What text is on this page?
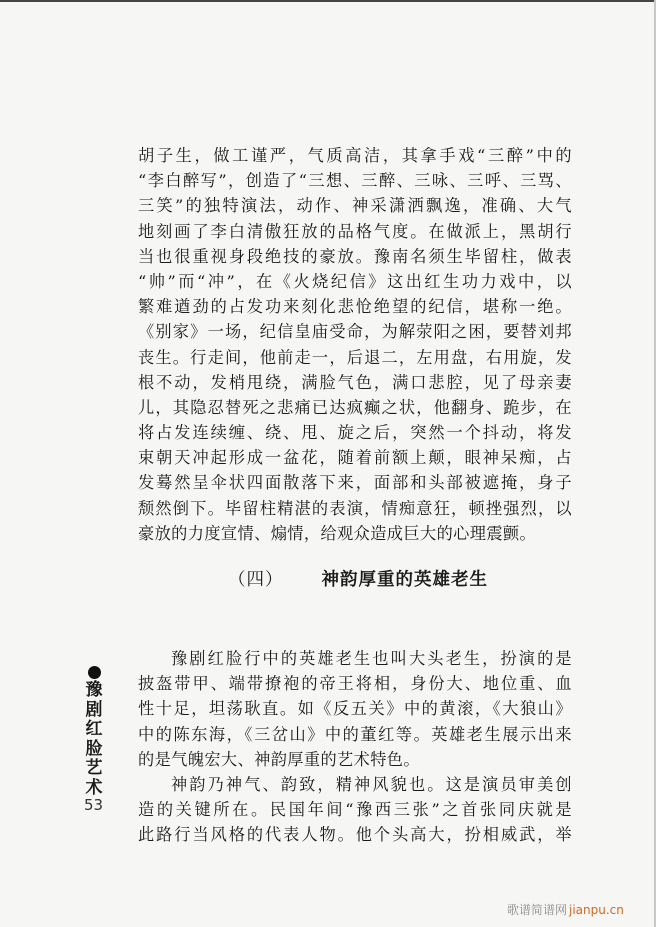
胡子生，做工谨严，气质高洁，其拿手戏“三醉”中的
“李白醉写”，创造了“三想、三醉、三咏、三呼、三骂、
三笑”的独特演法，动作、神采潇洒飘逸，准确、大气
地刻画了李白清傲狂放的品格气度。在做派上，黑胡行
当也很重视身段绝技的豪放。豫南名须生毕留柱，做表
“帅”而“冲”，在《火烧纪信》这出红生功力戏中，以
繁难遒劲的占发功来刻化悲怆绝望的纪信，堪称一绝。
《别家》一场，纪信皇庙受命，为解荥阳之困，要替刘邦
丧生。行走间，他前走一，后退二，左用盘，右用旋，发
根不动，发梢甩绕，满脸气色，满口悲腔，见了母亲妻
儿，其隐忍替死之悲痛已达疯癫之状，他翻身、跪步，在
将占发连续缠、绕、甩、旋之后，突然一个抖动，将发
束朝天冲起形成一盆花，随着前额上颠，眼神呆痴，占
发蓦然呈伞状四面散落下来，面部和头部被遮掩，身子
颓然倒下。毕留柱精湛的表演，情痴意狂，顿挫强烈，以
豪放的力度宣情、煽情，给观众造成巨大的心理震颤。
（四） 神韵厚重的英雄老生
豫剧红脸行中的英雄老生也叫大头老生，扮演的是
披盔带甲、端带撩袍的帝王将相，身份大、地位重、血
性十足，坦荡耿直。如《反五关》中的黄滚，《大狼山》
中的陈东海，《三岔山》中的董红等。英雄老生展示出来
的是气魄宏大、神韵厚重的艺术特色。
神韵乃神气、韵致，精神风貌也。这是演员审美创
造的关键所在。民国年间“豫西三张”之首张同庆就是
此路行当风格的代表人物。他个头高大，扮相威武，举
豫剧红脸艺术
53
歌谱简谱网 jianpu.cn
